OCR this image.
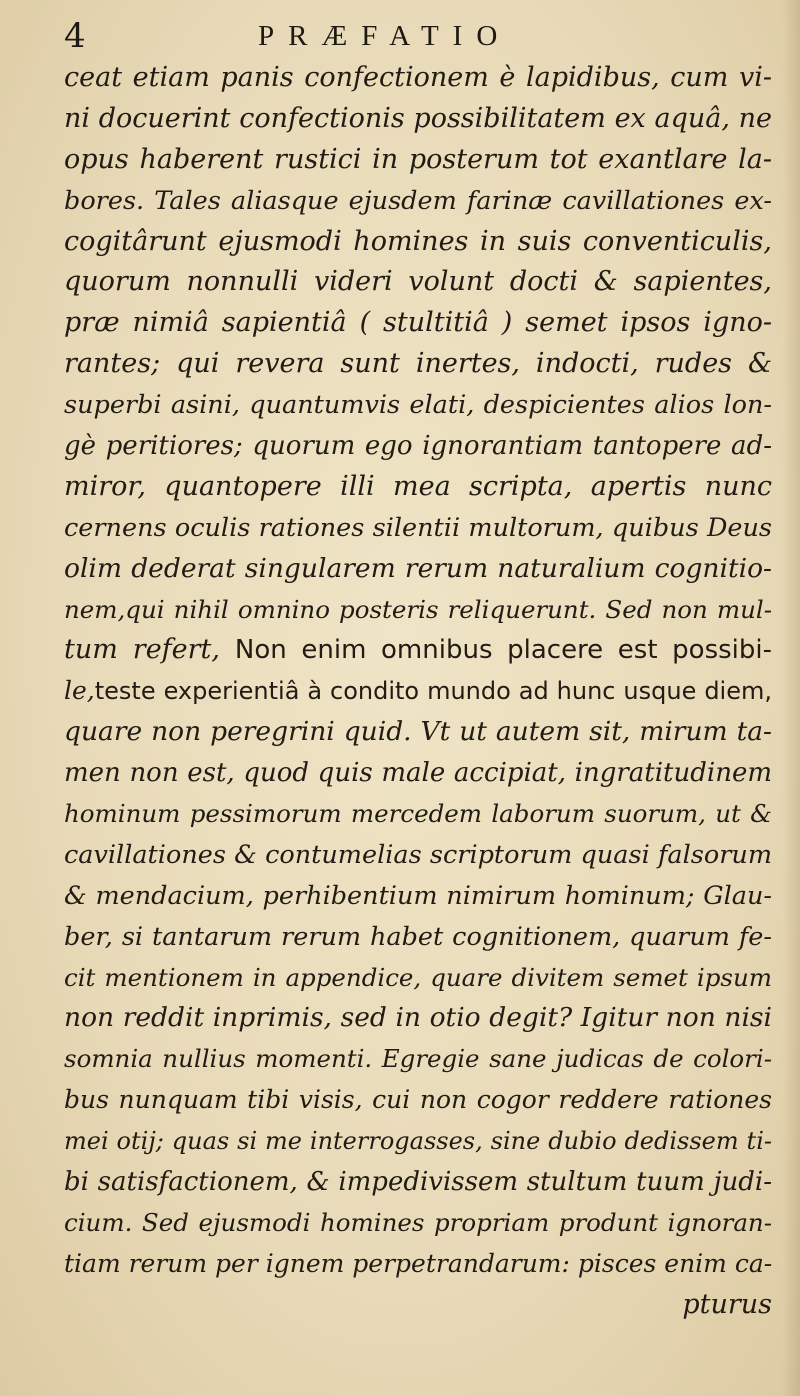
4	PRÆFATIO
ceat etiam panis confectionem è lapidibus, cum vi-
ni docuerint confectionis possibilitatem ex aquâ, ne
opus haberent rustici in posterum tot exantlare la-
bores. Tales aliasque ejusdem farinæ cavillationes ex-
cogitârunt ejusmodi homines in suis conventiculis,
quorum nonnulli videri volunt docti & sapientes,
præ nimiâ sapientiâ ( stultitiâ ) semet ipsos igno-
rantes; qui revera sunt inertes, indocti, rudes &
superbi asini, quantumvis elati, despicientes alios lon-
gè peritiores; quorum ego ignorantiam tantopere ad-
miror, quantopere illi mea scripta, apertis nunc
cernens oculis rationes silentii multorum, quibus Deus
olim dederat singularem rerum naturalium cognitio-
nem,qui nihil omnino posteris reliquerunt. Sed non mul-
tum refert, Non enim omnibus placere est possibi-
le,teste experientiâ à condito mundo ad hunc usque diem,
quare non peregrini quid. Vt ut autem sit, mirum ta-
men non est, quod quis male accipiat, ingratitudinem
hominum pessimorum mercedem laborum suorum, ut &
cavillationes & contumelias scriptorum quasi falsorum
& mendacium, perhibentium nimirum hominum; Glau-
ber, si tantarum rerum habet cognitionem, quarum fe-
cit mentionem in appendice, quare divitem semet ipsum
non reddit inprimis, sed in otio degit? Igitur non nisi
somnia nullius momenti. Egregie sane judicas de colori-
bus nunquam tibi visis, cui non cogor reddere rationes
mei otij; quas si me interrogasses, sine dubio dedissem ti-
bi satisfactionem, & impedivissem stultum tuum judi-
cium. Sed ejusmodi homines propriam produnt ignoran-
tiam rerum per ignem perpetrandarum: pisces enim ca-
pturus
